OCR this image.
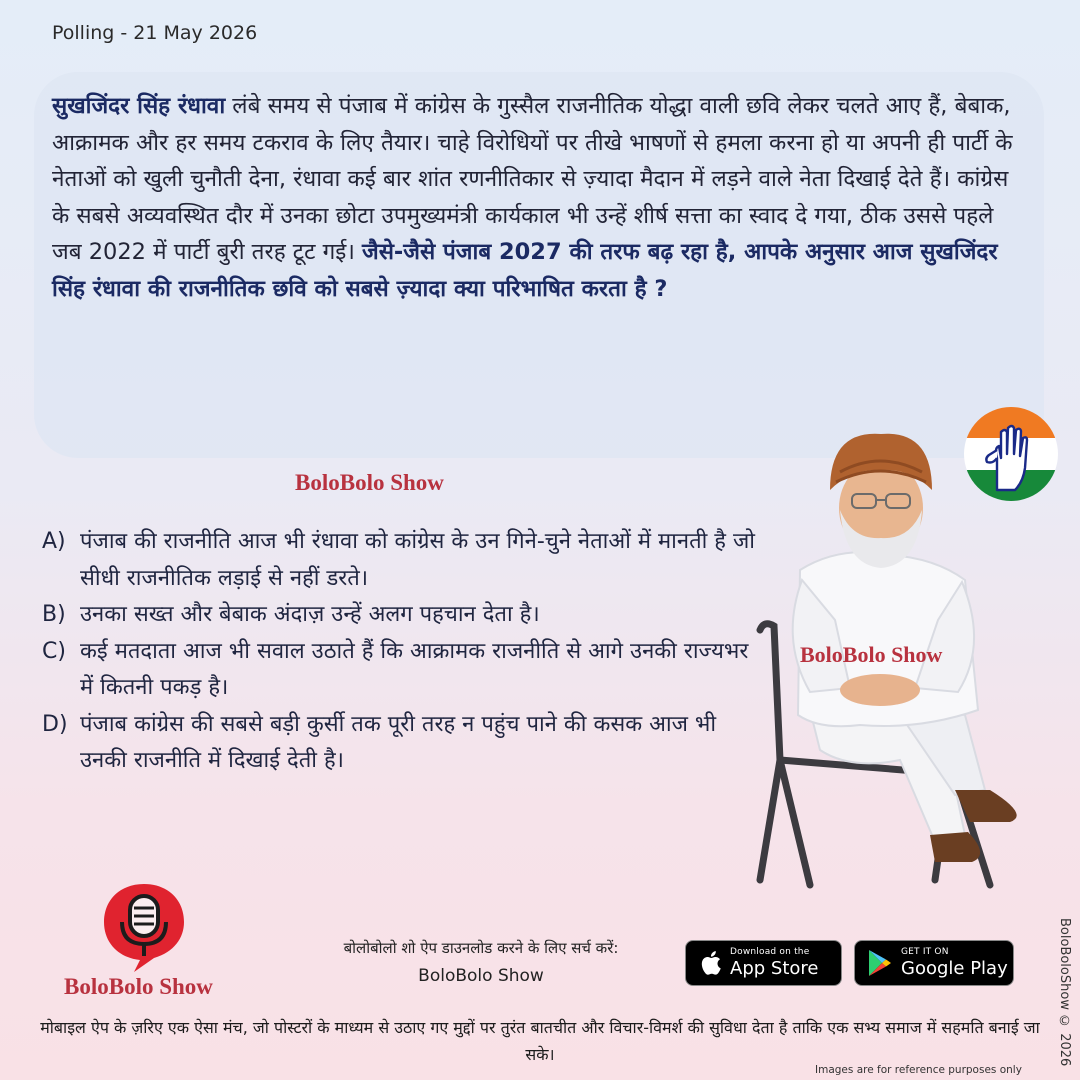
Polling - 21 May 2026
सुखजिंदर सिंह रंधावा लंबे समय से पंजाब में कांग्रेस के गुस्सैल राजनीतिक योद्धा वाली छवि लेकर चलते आए हैं, बेबाक, आक्रामक और हर समय टकराव के लिए तैयार। चाहे विरोधियों पर तीखे भाषणों से हमला करना हो या अपनी ही पार्टी के नेताओं को खुली चुनौती देना, रंधावा कई बार शांत रणनीतिकार से ज़्यादा मैदान में लड़ने वाले नेता दिखाई देते हैं। कांग्रेस के सबसे अव्यवस्थित दौर में उनका छोटा उपमुख्यमंत्री कार्यकाल भी उन्हें शीर्ष सत्ता का स्वाद दे गया, ठीक उससे पहले जब 2022 में पार्टी बुरी तरह टूट गई। जैसे-जैसे पंजाब 2027 की तरफ बढ़ रहा है, आपके अनुसार आज सुखजिंदर सिंह रंधावा की राजनीतिक छवि को सबसे ज़्यादा क्या परिभाषित करता है ?
BoloBolo Show
A) पंजाब की राजनीति आज भी रंधावा को कांग्रेस के उन गिने-चुने नेताओं में मानती है जो सीधी राजनीतिक लड़ाई से नहीं डरते।
B) उनका सख्त और बेबाक अंदाज़ उन्हें अलग पहचान देता है।
C) कई मतदाता आज भी सवाल उठाते हैं कि आक्रामक राजनीति से आगे उनकी राज्यभर में कितनी पकड़ है।
D) पंजाब कांग्रेस की सबसे बड़ी कुर्सी तक पूरी तरह न पहुंच पाने की कसक आज भी उनकी राजनीति में दिखाई देती है।
BoloBolo Show
BoloBolo Show
बोलोबोलो शो ऐप डाउनलोड करने के लिए सर्च करें:
BoloBolo Show
Download on the
App Store
GET IT ON
Google Play
मोबाइल ऐप के ज़रिए एक ऐसा मंच, जो पोस्टरों के माध्यम से उठाए गए मुद्दों पर तुरंत बातचीत और विचार-विमर्श की सुविधा देता है ताकि एक सभ्य समाज में सहमति बनाई जा सके।	BoloBoloShow © 2026
Images are for reference purposes only
